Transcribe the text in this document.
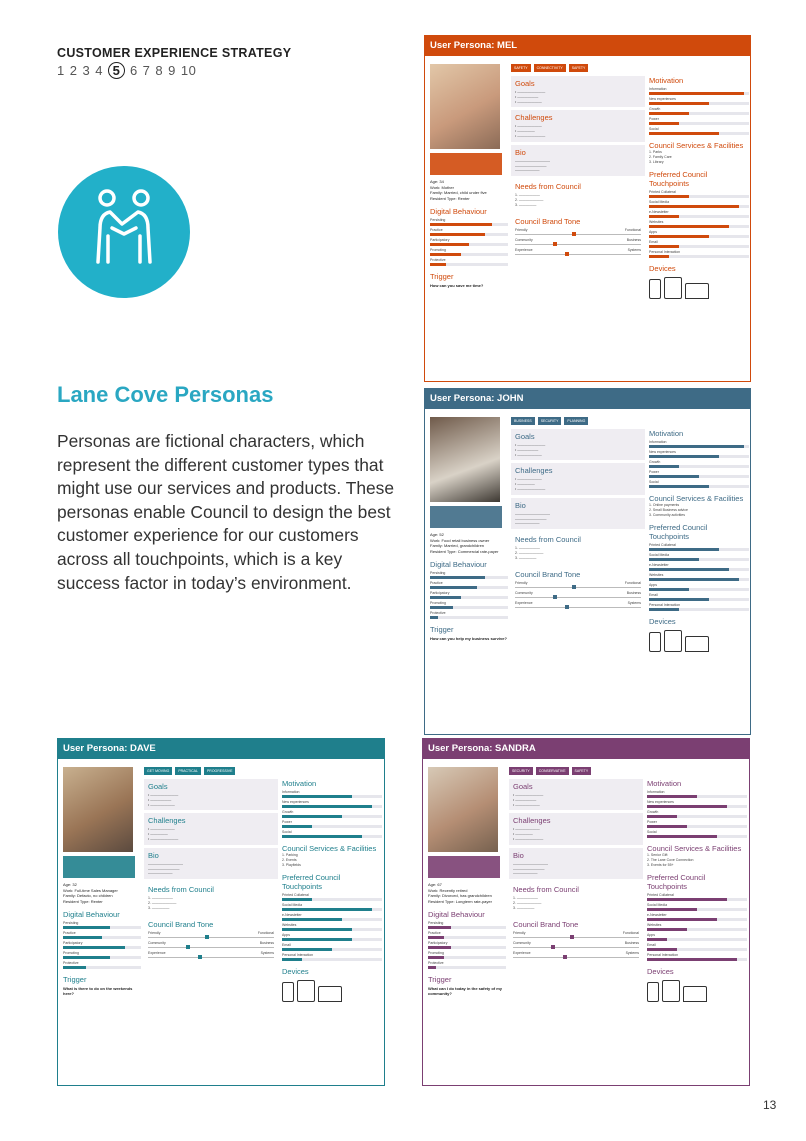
CUSTOMER EXPERIENCE STRATEGY
1 2 3 4 5 6 7 8 9 10
Lane Cove Personas
Personas are fictional characters, which represent the different customer types that might use our services and products. These personas enable Council to design the best customer experience for our customers across all touchpoints, which is a key success factor in today’s environment.
13
User Persona: MEL
Age: 34
Work: Mother
Family: Married, child under five
Resident Type: Renter
Digital Behaviour
Persisting
Practice
Participatory
Promoting
Protective
Trigger
How can you save me time?
SAFETY	CONNECTIVITY	SAFETY
Goals
• ————————
• ——————
• ———————
Challenges
• ———————
• —————
• ————————
Bio
——————————
—————————
———————
Needs from Council
1. ——————
2. ———————
3. —————
Council Brand Tone
Friendly	Functional
Community	Business
Experience	Systems
Motivation
Information
New experiences
Growth
Power
Social
Council Services & Facilities
1. Parks
2. Family Care
3. Library
Preferred Council Touchpoints
Printed Collateral
Social Media
e-Newsletter
Websites
Apps
Email
Personal Interaction
Devices
User Persona: JOHN
Age: 52
Work: Food retail business owner
Family: Married, grandchildren
Resident Type: Commercial rate-payer
Digital Behaviour
Persisting
Practice
Participatory
Promoting
Protective
Trigger
How can you help my business survive?
BUSINESS	SECURITY	PLANNING
Goals
• ————————
• ——————
• ———————
Challenges
• ———————
• —————
• ————————
Bio
——————————
—————————
———————
Needs from Council
1. ——————
2. ———————
3. —————
Council Brand Tone
Friendly	Functional
Community	Business
Experience	Systems
Motivation
Information
New experiences
Growth
Power
Social
Council Services & Facilities
1. Online payments
2. Small Business advice
3. Community activities
Preferred Council Touchpoints
Printed Collateral
Social Media
e-Newsletter
Websites
Apps
Email
Personal Interaction
Devices
User Persona: DAVE
Age: 32
Work: Full-time Sales Manager
Family: Defacto, no children
Resident Type: Renter
Digital Behaviour
Persisting
Practice
Participatory
Promoting
Protective
Trigger
What is there to do on the weekends here?
GET MOVING	PRACTICAL	PROGRESSIVE
Goals
• ————————
• ——————
• ———————
Challenges
• ———————
• —————
• ————————
Bio
——————————
—————————
———————
Needs from Council
1. ——————
2. ———————
3. —————
Council Brand Tone
Friendly	Functional
Community	Business
Experience	Systems
Motivation
Information
New experiences
Growth
Power
Social
Council Services & Facilities
1. Parking
2. Events
3. Playfields
Preferred Council Touchpoints
Printed Collateral
Social Media
e-Newsletter
Websites
Apps
Email
Personal Interaction
Devices
User Persona: SANDRA
Age: 67
Work: Recently retired
Family: Divorced, has grandchildren
Resident Type: Longterm rate-payer
Digital Behaviour
Persisting
Practice
Participatory
Promoting
Protective
Trigger
What can I do today in the safety of my community?
SECURITY	CONSERVATIVE	SAFETY
Goals
• ————————
• ——————
• ———————
Challenges
• ———————
• —————
• ————————
Bio
——————————
—————————
———————
Needs from Council
1. ——————
2. ———————
3. —————
Council Brand Tone
Friendly	Functional
Community	Business
Experience	Systems
Motivation
Information
New experiences
Growth
Power
Social
Council Services & Facilities
1. Senior Gift
2. The Lane Cove Connection
3. Events for 55+
Preferred Council Touchpoints
Printed Collateral
Social Media
e-Newsletter
Websites
Apps
Email
Personal Interaction
Devices
